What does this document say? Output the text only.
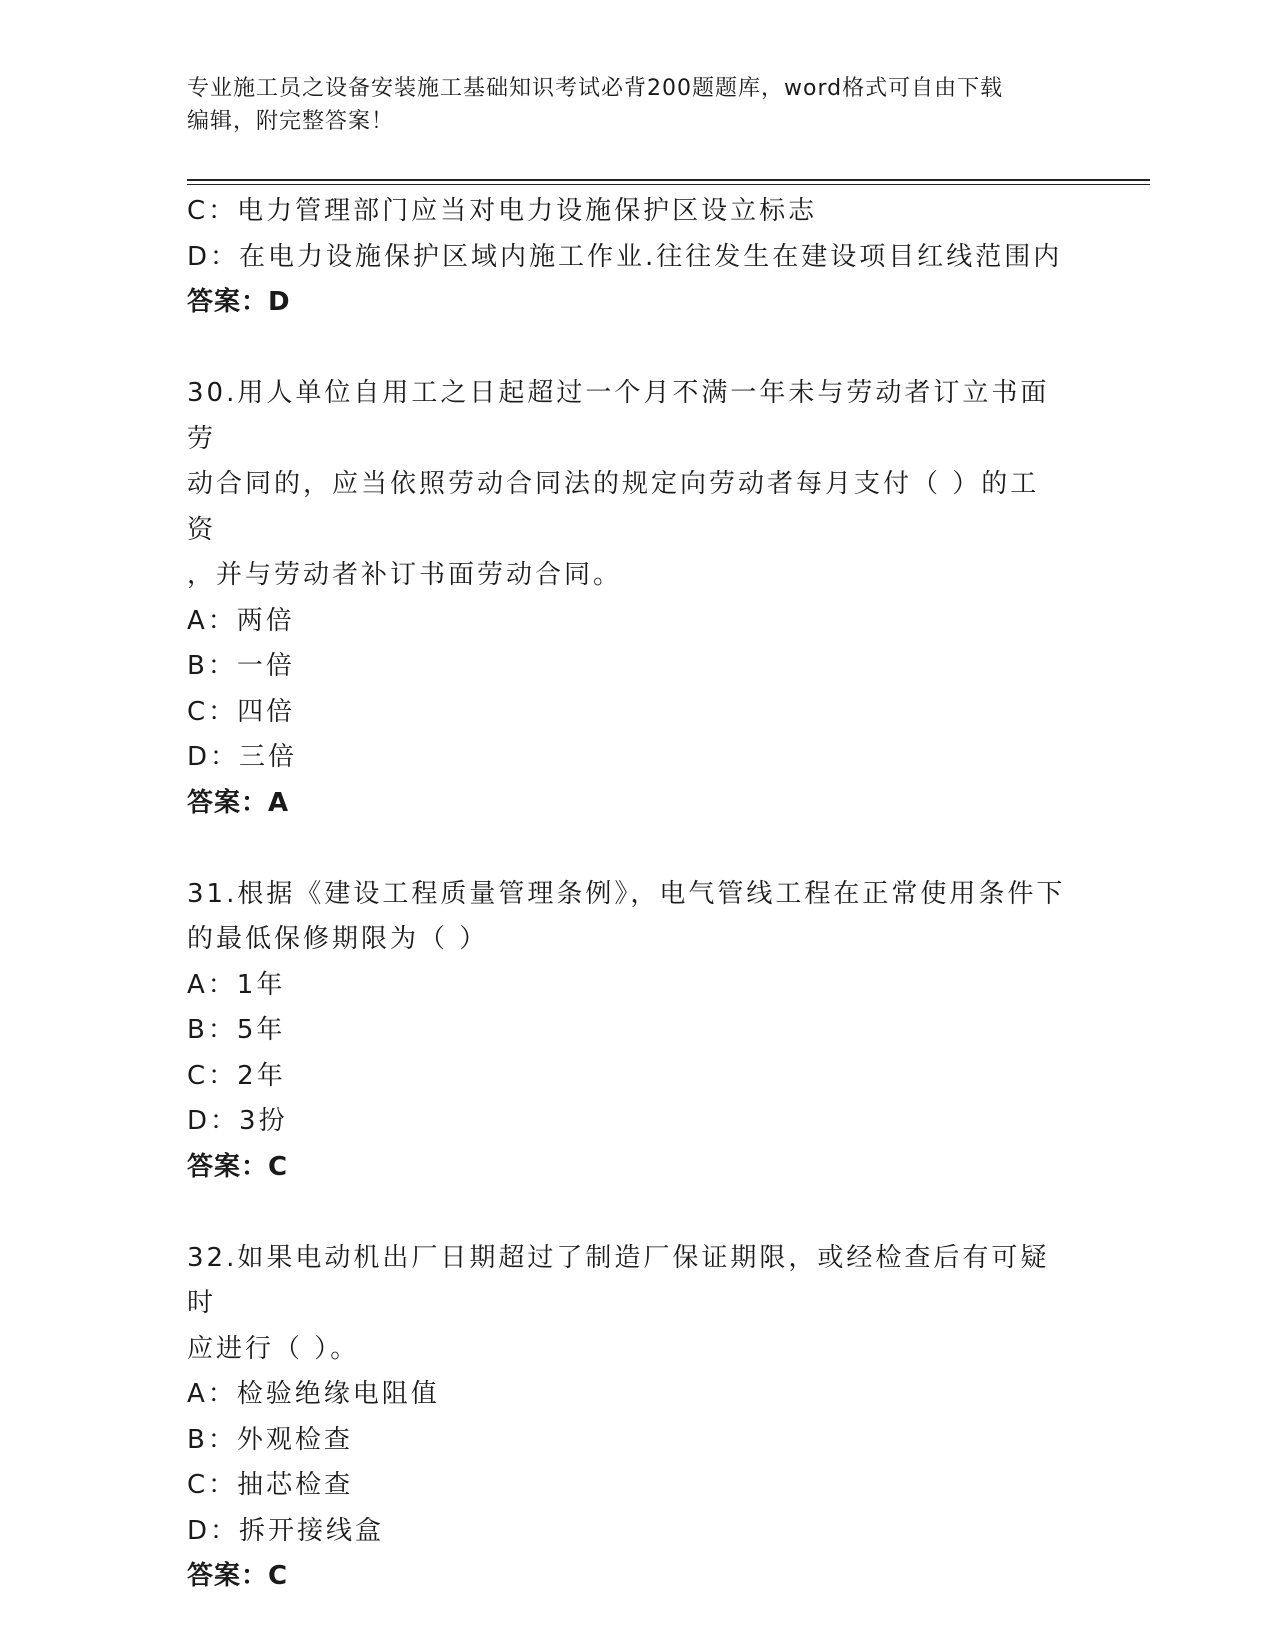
专业施工员之设备安装施工基础知识考试必背200题题库，word格式可自由下载
编辑，附完整答案！
C：电力管理部门应当对电力设施保护区设立标志
D：在电力设施保护区域内施工作业.往往发生在建设项目红线范围内
答案：D
30.用人单位自用工之日起超过一个月不满一年未与劳动者订立书面劳
动合同的，应当依照劳动合同法的规定向劳动者每月支付（ ）的工资
，并与劳动者补订书面劳动合同。
A：两倍
B：一倍
C：四倍
D：三倍
答案：A
31.根据《建设工程质量管理条例》，电气管线工程在正常使用条件下
的最低保修期限为（ ）
A：1年
B：5年
C：2年
D：3扮
答案：C
32.如果电动机出厂日期超过了制造厂保证期限，或经检查后有可疑时
应进行（ ）。
A：检验绝缘电阻值
B：外观检查
C：抽芯检查
D：拆开接线盒
答案：C
